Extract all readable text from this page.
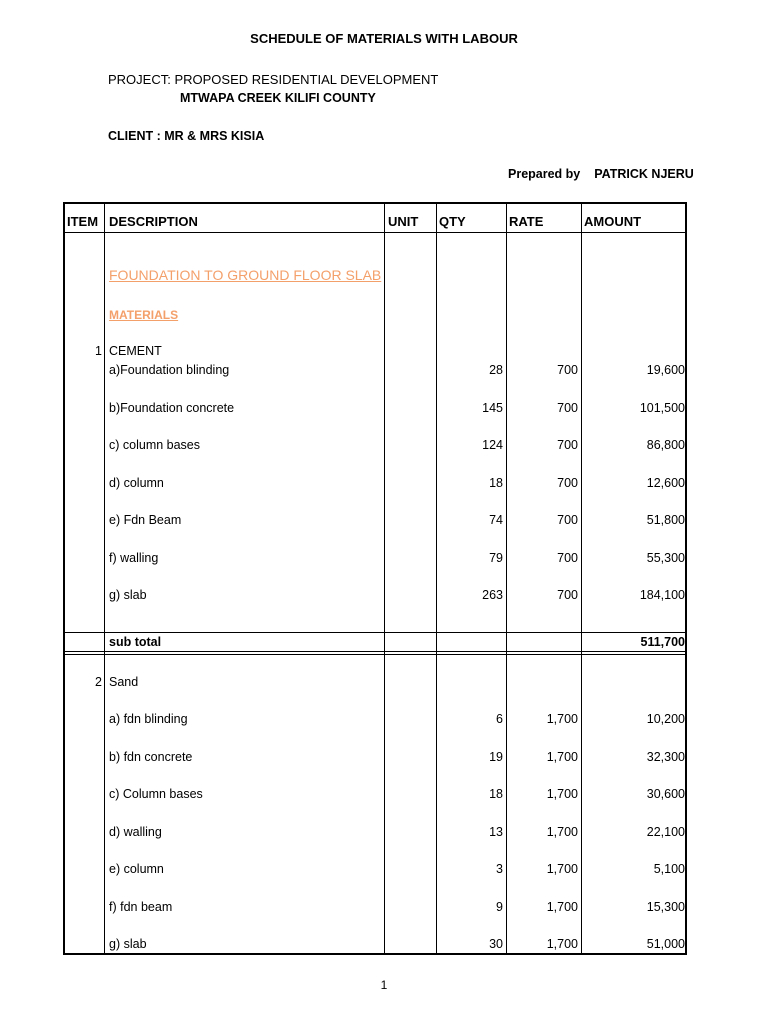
SCHEDULE OF MATERIALS WITH LABOUR
PROJECT: PROPOSED RESIDENTIAL DEVELOPMENT
MTWAPA CREEK KILIFI COUNTY
CLIENT : MR & MRS KISIA
Prepared by PATRICK NJERU
ITEM DESCRIPTION	UNIT QTY	RATE	AMOUNT
FOUNDATION TO GROUND FLOOR SLAB
MATERIALS
1 CEMENT
a)Foundation blinding	28	700	19,600
b)Foundation concrete	145	700	101,500
c) column bases	124	700	86,800
d) column	18	700	12,600
e) Fdn Beam	74	700	51,800
f) walling	79	700	55,300
g) slab	263	700	184,100
sub total	511,700
2 Sand
a) fdn blinding	6	1,700	10,200
b) fdn concrete	19	1,700	32,300
c) Column bases	18	1,700	30,600
d) walling	13	1,700	22,100
e) column	3	1,700	5,100
f) fdn beam	9	1,700	15,300
g) slab	30	1,700	51,000
1
